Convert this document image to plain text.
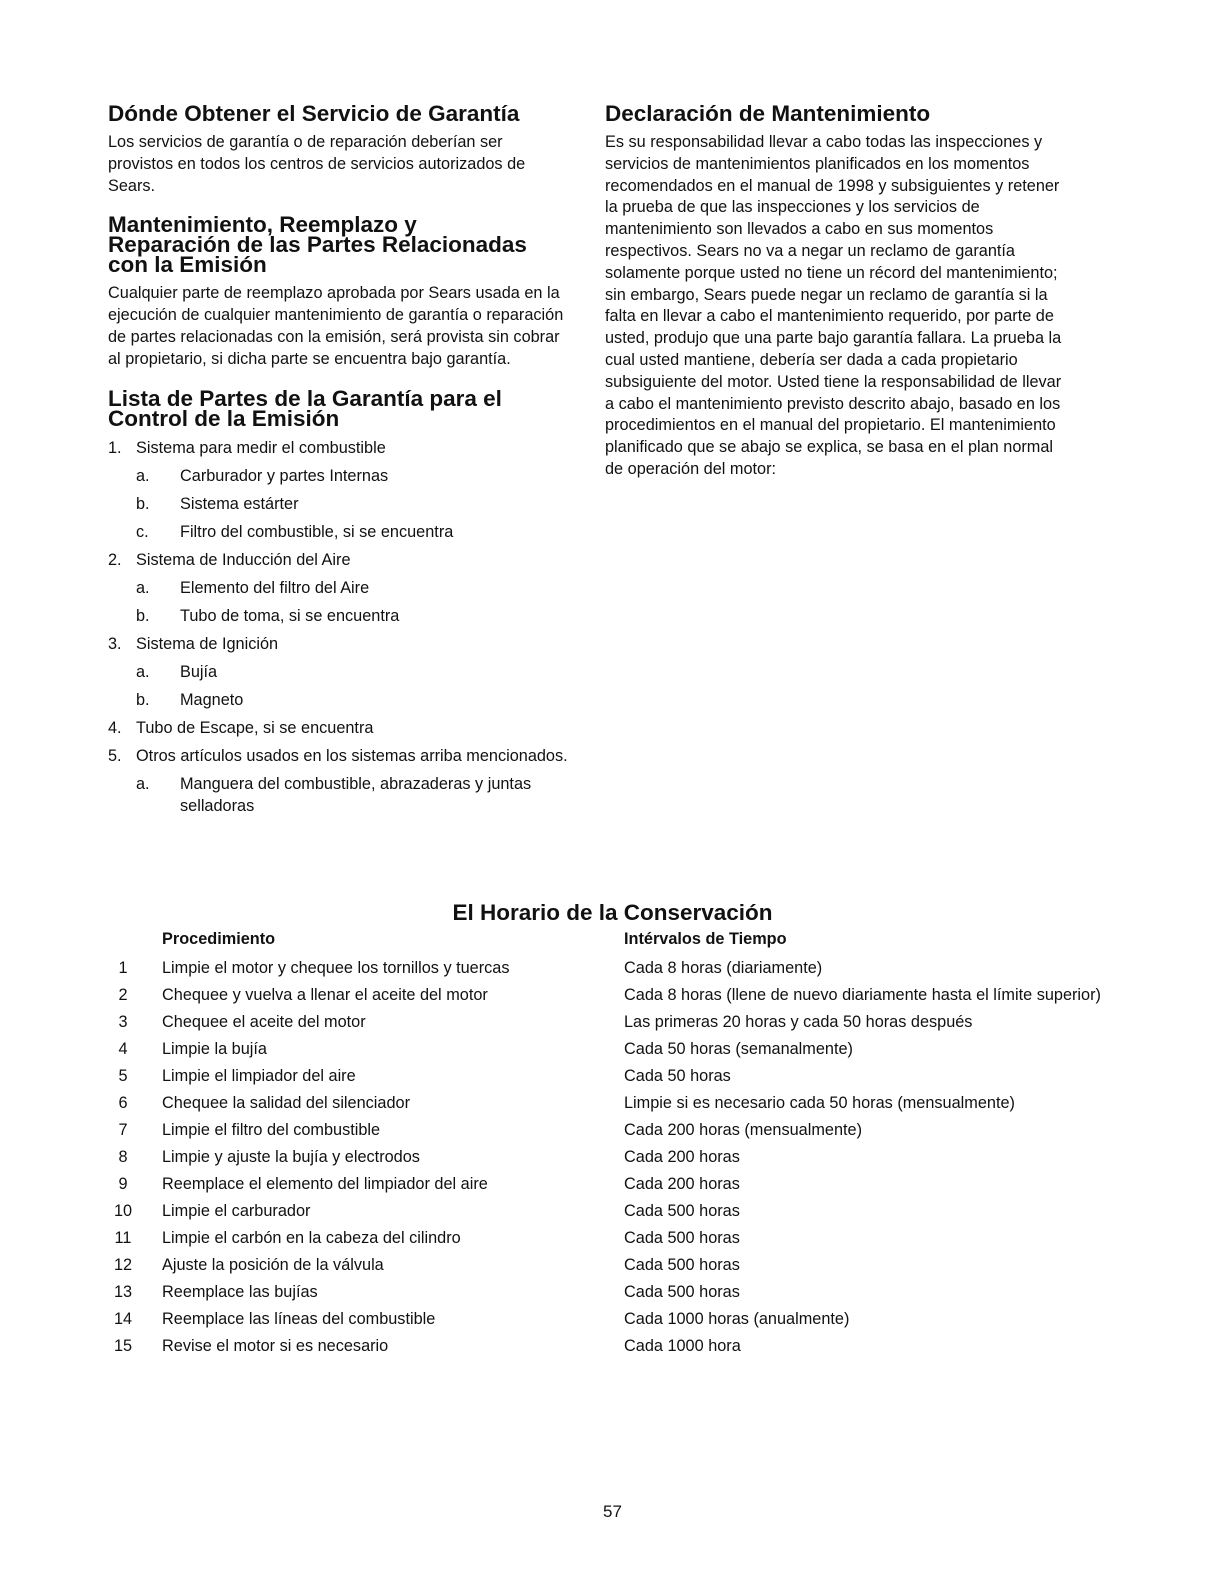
Dónde Obtener el Servicio de Garantía

Los servicios de garantía o de reparación deberían ser provistos en todos los centros de servicios autorizados de Sears.

Mantenimiento, Reemplazo y
Reparación de las Partes Relacionadas
con la Emisión

Cualquier parte de reemplazo aprobada por Sears usada en la ejecución de cualquier mantenimiento de garantía o reparación de partes relacionadas con la emisión, será provista sin cobrar al propietario, si dicha parte se encuentra bajo garantía.

Lista de Partes de la Garantía para el
Control de la Emisión
1. Sistema para medir el combustible
a. Carburador y partes Internas
b. Sistema estárter
c. Filtro del combustible, si se encuentra
2. Sistema de Inducción del Aire
a. Elemento del filtro del Aire
b. Tubo de toma, si se encuentra
3. Sistema de Ignición
a. Bujía
b. Magneto
4. Tubo de Escape, si se encuentra
5. Otros artículos usados en los sistemas arriba mencionados.
a. Manguera del combustible, abrazaderas y juntas selladoras
Declaración de Mantenimiento

Es su responsabilidad llevar a cabo todas las inspecciones y servicios de mantenimientos planificados en los momentos recomendados en el manual de 1998 y subsiguientes y retener la prueba de que las inspecciones y los servicios de mantenimiento son llevados a cabo en sus momentos respectivos. Sears no va a negar un reclamo de garantía solamente porque usted no tiene un récord del mantenimiento; sin embargo, Sears puede negar un reclamo de garantía si la falta en llevar a cabo el mantenimiento requerido, por parte de usted, produjo que una parte bajo garantía fallara. La prueba la cual usted mantiene, debería ser dada a cada propietario subsiguiente del motor. Usted tiene la responsabilidad de llevar a cabo el mantenimiento previsto descrito abajo, basado en los procedimientos en el manual del propietario. El mantenimiento planificado que se abajo se explica, se basa en el plan normal de operación del motor:

El Horario de la Conservación
Procedimiento	Intérvalos de Tiempo
1	Limpie el motor y chequee los tornillos y tuercas	Cada 8 horas (diariamente)
2	Chequee y vuelva a llenar el aceite del motor	Cada 8 horas (llene de nuevo diariamente hasta el límite superior)
3	Chequee el aceite del motor	Las primeras 20 horas y cada 50 horas después
4	Limpie la bujía	Cada 50 horas (semanalmente)
5	Limpie el limpiador del aire	Cada 50 horas
6	Chequee la salidad del silenciador	Limpie si es necesario cada 50 horas (mensualmente)
7	Limpie el filtro del combustible	Cada 200 horas (mensualmente)
8	Limpie y ajuste la bujía y electrodos	Cada 200 horas
9	Reemplace el elemento del limpiador del aire	Cada 200 horas
10 Limpie el carburador	Cada 500 horas
11 Limpie el carbón en la cabeza del cilindro	Cada 500 horas
12 Ajuste la posición de la válvula	Cada 500 horas
13 Reemplace las bujías	Cada 500 horas
14 Reemplace las líneas del combustible	Cada 1000 horas (anualmente)
15 Revise el motor si es necesario	Cada 1000 hora
57
